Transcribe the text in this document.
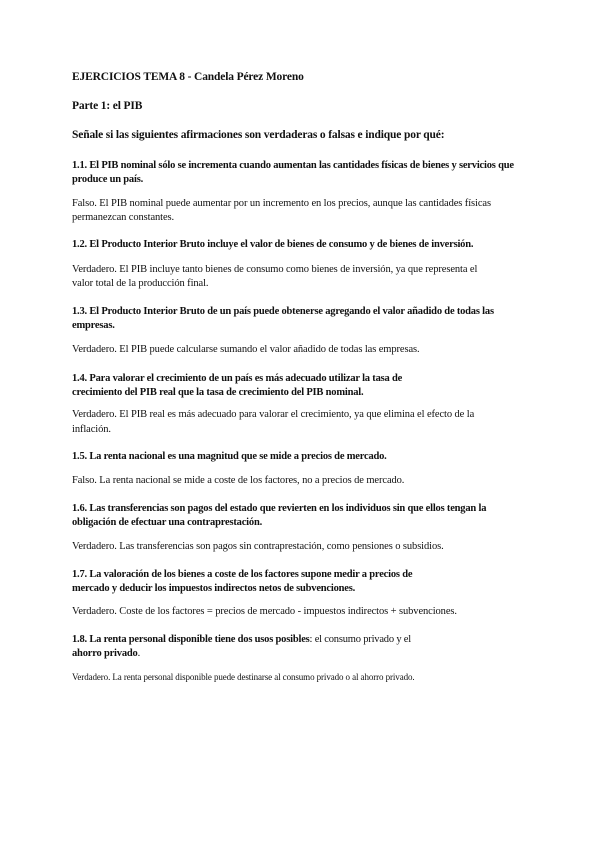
EJERCICIOS TEMA 8 - Candela Pérez Moreno
Parte 1: el PIB
Señale si las siguientes afirmaciones son verdaderas o falsas e indique por qué:
1.1. El PIB nominal sólo se incrementa cuando aumentan las cantidades físicas de bienes y servicios que
produce un país.
Falso. El PIB nominal puede aumentar por un incremento en los precios, aunque las cantidades físicas
permanezcan constantes.
1.2. El Producto Interior Bruto incluye el valor de bienes de consumo y de bienes de inversión.
Verdadero. El PIB incluye tanto bienes de consumo como bienes de inversión, ya que representa el
valor total de la producción final.
1.3. El Producto Interior Bruto de un país puede obtenerse agregando el valor añadido de todas las
empresas.
Verdadero. El PIB puede calcularse sumando el valor añadido de todas las empresas.
1.4. Para valorar el crecimiento de un país es más adecuado utilizar la tasa de
crecimiento del PIB real que la tasa de crecimiento del PIB nominal.
Verdadero. El PIB real es más adecuado para valorar el crecimiento, ya que elimina el efecto de la
inflación.
1.5. La renta nacional es una magnitud que se mide a precios de mercado.
Falso. La renta nacional se mide a coste de los factores, no a precios de mercado.
1.6. Las transferencias son pagos del estado que revierten en los individuos sin que ellos tengan la
obligación de efectuar una contraprestación.
Verdadero. Las transferencias son pagos sin contraprestación, como pensiones o subsidios.
1.7. La valoración de los bienes a coste de los factores supone medir a precios de
mercado y deducir los impuestos indirectos netos de subvenciones.
Verdadero. Coste de los factores = precios de mercado - impuestos indirectos + subvenciones.
1.8. La renta personal disponible tiene dos usos posibles: el consumo privado y el
ahorro privado.
Verdadero. La renta personal disponible puede destinarse al consumo privado o al ahorro privado.
